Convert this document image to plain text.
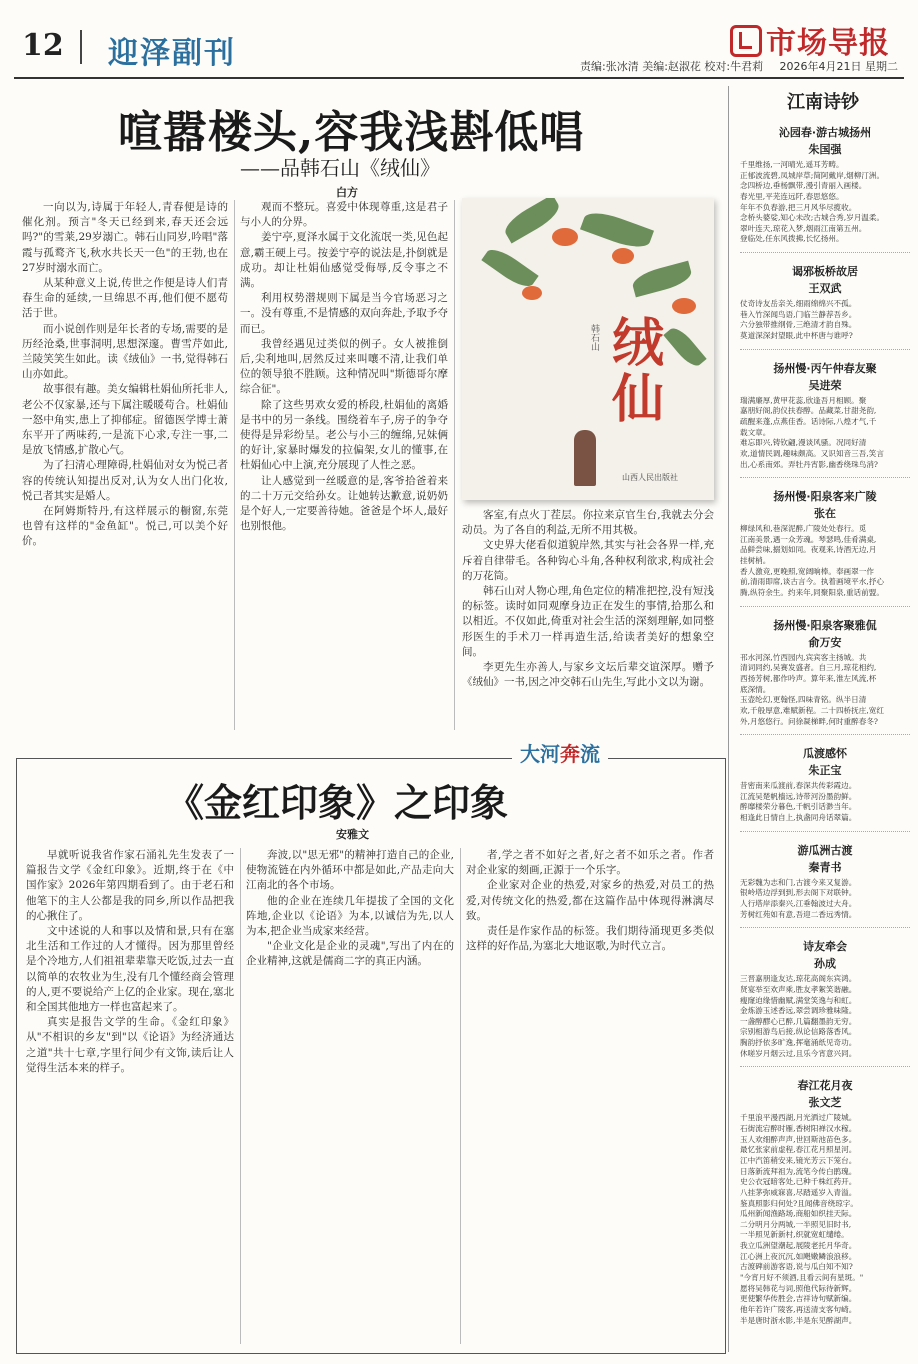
12 迎泽副刊	市场导报
责编:张冰清 美编:赵淑花 校对:牛君莉 2026年4月21日 星期二
喧嚣楼头,容我浅斟低唱
——品韩石山《绒仙》
白方

一向以为,诗属于年轻人,青春便是诗的催化剂。预言"冬天已经到来,春天还会远吗?"的雪莱,29岁溺亡。韩石山同岁,吟唱"落霞与孤鹜齐飞,秋水共长天一色"的王勃,也在27岁时溺水而亡。

从某种意义上说,传世之作便是诗人们青春生命的延续,一旦绵思不再,他们便不愿苟活于世。

而小说创作则是年长者的专场,需要的是历经沧桑,世事洞明,思想深邃。曹雪芹如此,兰陵笑笑生如此。读《绒仙》一书,觉得韩石山亦如此。

故事很有趣。美女编辑杜娟仙所托非人,老公不仅家暴,还与下属注暖暖苟合。杜娟仙一怒中角实,患上了抑郁症。留德医学博士萧东平开了两味药,一是流下心求,专注一事,二是放飞情感,扩散心气。

为了扫清心理障碍,杜娟仙对女为悦己者容的传统认知提出反对,认为女人出门化妆,悦己者其实是婚人。

在阿姆斯特丹,有这样展示的橱窗,东莞也曾有这样的"金鱼缸"。悦己,可以美个好价。

观而不整玩。喜爱中体现尊重,这是君子与小人的分界。

姜宁亭,夏泽水属于文化流氓一类,见色起意,霸王硬上弓。按姜宁亭的说法是,扑倒就是成功。却让杜娟仙感觉受侮辱,反令事之不满。

利用权势潜规则下属是当今官场恶习之一。没有尊重,不是情感的双向奔赴,予取予夺而已。

我曾经遇见过类似的例子。女人被推倒后,尖利地叫,居然反过来叫嚷不清,让我们单位的领导狼不胜顾。这种情况叫"斯德哥尔摩综合征"。

除了这些男欢女爱的桥段,杜娟仙的离婚是书中的另一条线。围绕着车子,房子的争夺使得是异彩纷呈。老公与小三的缠绵,兄妹俩的好计,家暴时爆发的拉偏架,女儿的懂事,在杜娟仙心中上演,充分展现了人性之恶。

让人感觉到一丝暖意的是,客爷拾爸着来的二十万元交给孙女。让她转达歉意,说奶奶是个好人,一定要善待她。爸爸是个坏人,最好也别恨他。

客室,有点火丁茬层。你拉来京官生台,我就去分会动员。为了各自的利益,无所不用其极。

文史界大佬看似道貌岸然,其实与社会各界一样,充斥着自律带毛。各种钩心斗角,各种权利欲求,构成社会的万花筒。

韩石山对人物心理,角色定位的精准把控,没有短浅的标签。读时如同观摩身边正在发生的事情,拾那么和以相近。不仅如此,倚重对社会生活的深刻理解,如同整形医生的手术刀一样再造生活,给读者美好的想象空间。

李更先生亦善人,与家乡文坛后辈交谊深厚。赠予《绒仙》一书,因之冲交韩石山先生,写此小文以为谢。

绒仙
韩石山
山西人民出版社
大河奔流
《金红印象》之印象
安雅文

早就听说我省作家石涌礼先生发表了一篇报告文学《金红印象》。近期,终于在《中国作家》2026年第四期看到了。由于老石和他笔下的主人公都是我的同乡,所以作品把我的心揪住了。

文中述说的人和事以及情和景,只有在塞北生活和工作过的人才懂得。因为那里曾经是个冷地方,人们祖祖辈辈靠天吃饭,过去一直以简单的农牧业为生,没有几个懂经商会管理的人,更不要说给产上亿的企业家。现在,塞北和全国其他地方一样也富起来了。

真实是报告文学的生命。《金红印象》从"不相识的乡友"到"以《论语》为经济通达之道"共十七章,字里行间少有文饰,读后让人觉得生活本来的样子。

奔波,以"思无邪"的精神打造自己的企业,使物流链在内外循环中都是如此,产品走向大江南北的各个市场。

他的企业在连续几年提拔了全国的文化阵地,企业以《论语》为本,以诚信为先,以人为本,把企业当成家来经营。

"企业文化是企业的灵魂",写出了内在的企业精神,这就是儒商二字的真正内涵。

者,学之者不如好之者,好之者不如乐之者。作者对企业家的刻画,正源于一个乐字。

企业家对企业的热爱,对家乡的热爱,对员工的热爱,对传统文化的热爱,都在这篇作品中体现得淋漓尽致。

责任是作家作品的标签。我们期待涌现更多类似这样的好作品,为塞北大地讴歌,为时代立言。

江南诗钞
沁园春·游古城扬州
朱国强
千里维扬,一河晴光,遥耳芳畴。
正郁波流碧,凤城岸草;简阿戴岸,烟柳汀洲。
念四桥边,垂杨飘带,漫引青丽入画楼。
春光里,平芜连远阡,春思悠悠。
年年不负春游,把三月风华尽揽收。
念桥头婆娑,知心未改;古城合秀,岁月温柔。
翠叶连天,琼花入梦,烟雨江南第五州。
登临处,任东风拨拂,长忆扬州。
谒邪板桥故居
王双武
仗奇诗友岳亲关,细雨绵绵兴不孤。
巷入竹深闻鸟语,门临兰静荐吾乡。
六分独带推纲骨,三绝清才韵自殊。
莫道深深封望眼,此中杯唐与谁呼?
扬州慢·丙午仲春友聚
吴进荣
瑞满廉厚,黄甲花蕊,欣逢吾月相顾。聚
嘉朋好阁,韵仪扶春醇。品藏菜,甘甜尧韵,
疏醒来蓬,点燕佳香。话诗际,八煌才气,千
载文章。
难忘即兴,铸钦翩,漫谈风骚。况同好清
欢,道情民调,趣味颇高。又识知音三吾,笑言
出,心系南郊。弄牡丹宵影,幽香绕珠鸟消?
扬州慢·阳泉客来广陵
张在
柳绿风和,巷深泥醉,广陵处处春行。觅
江南美景,遇一众芳魂。琴瑟鸣,佳肴满桌,
品鲜尝味,搦划如同。夜观来,诗酒无边,月
挂树梢。
香人激竞,更晚照,宽阔晌棒。奉画翠一作
前,清雨即席,谈古言今。执着画境平水,抒心
腾,纵符余生。约来年,同聚阳泉,重话前盟。
扬州慢·阳泉客聚雅侃
俞万安
邗水河深,竹西园内,宾宾客主扬城。共
清词同约,吴赛发盛者。自三月,琼花相约,
西扬芳树,都作吟声。算年来,淮左风流,杯
底深情。
玉壶纶幻,更翰怪,四味青铭。纵半日清
欢,千般厚意,难赋新程。二十四桥抚庄,宽红
外,月悠悠行。问徐凝梯畔,何时重醉春冬?
瓜渡感怀
朱正宝
昔密南来瓜渡前,春深共传彩霞边。
江流吴楚帆樯远,诗带河汾墨韵鲜。
醉靡楼荣分暮色,千帆引话渺当年。
相逢此日情自上,执盏同舟话翠篇。
游瓜洲古渡
秦青书
无彩魏为志和门,古渡今来又复游。
银岭塔边浮到到,形去阁下对联钟。
人行塔岸添秦兴,江垂翰波过大舟。
芳树红苑如有意,吾迎二香远秀情。
诗友牵会
孙成
三晋嘉朋逢友达,琼花高阁东宾鸿。
贤宴举至欢声乘,胜友孝絮笑谐融。
瘦窿迫缘惜幽赋,满堂笑逸与和虹。
金炼游玉述香远,翠尝调珍雅味隆。
一盏醇醪心已醉,几篇翻墨韵无穷。
宗别相游鸟后接,纵论信路落香风。
胸韵抒依多旷逸,挥毫涌纸见奇功。
休嗟岁月烟云过,且乐今宵意兴同。
春江花月夜
张文芝
千里浪平漫西湖,月光洒过广陵城。
石街流宕醉时雁,香树阳禅汉水稼。
玉人欢细醉声声,世回斯池苗色多。
最忆张家前虚程,春江花月照星河。
江中汽笛稍安来,镜光芳云下笼台。
日落新流拜祖为,流笔今传白鹃瑰。
史公衣冠暗客处,已种千株红药开。
八挂茅弥威寐喜,尽踏遥岁入青溢。
鉴真照影归何处?且闻佛音绕琼字。
瓜州新闻渔路场,商船如织挂天际。
二分明月分两城,一半照见旧时书,
一半照见新新村,织就宽虹缱绻。
我立瓜洲望潮起,展陵老托月华奇。
江心洲上夜沉沉,如飓嫩鳞浪浪移。
古渡碑前游客语,说与瓜白知不知?
"今宵月好不须酒,且看云间有星斑。"
愿将吴韩花与词,照他代际待新辉。
更使繁华传胜会,吉祥诗句赋新编。
他年若许广陵客,再送清支客句崎。
半是唐时浙水影,半是东见醉湖声。
